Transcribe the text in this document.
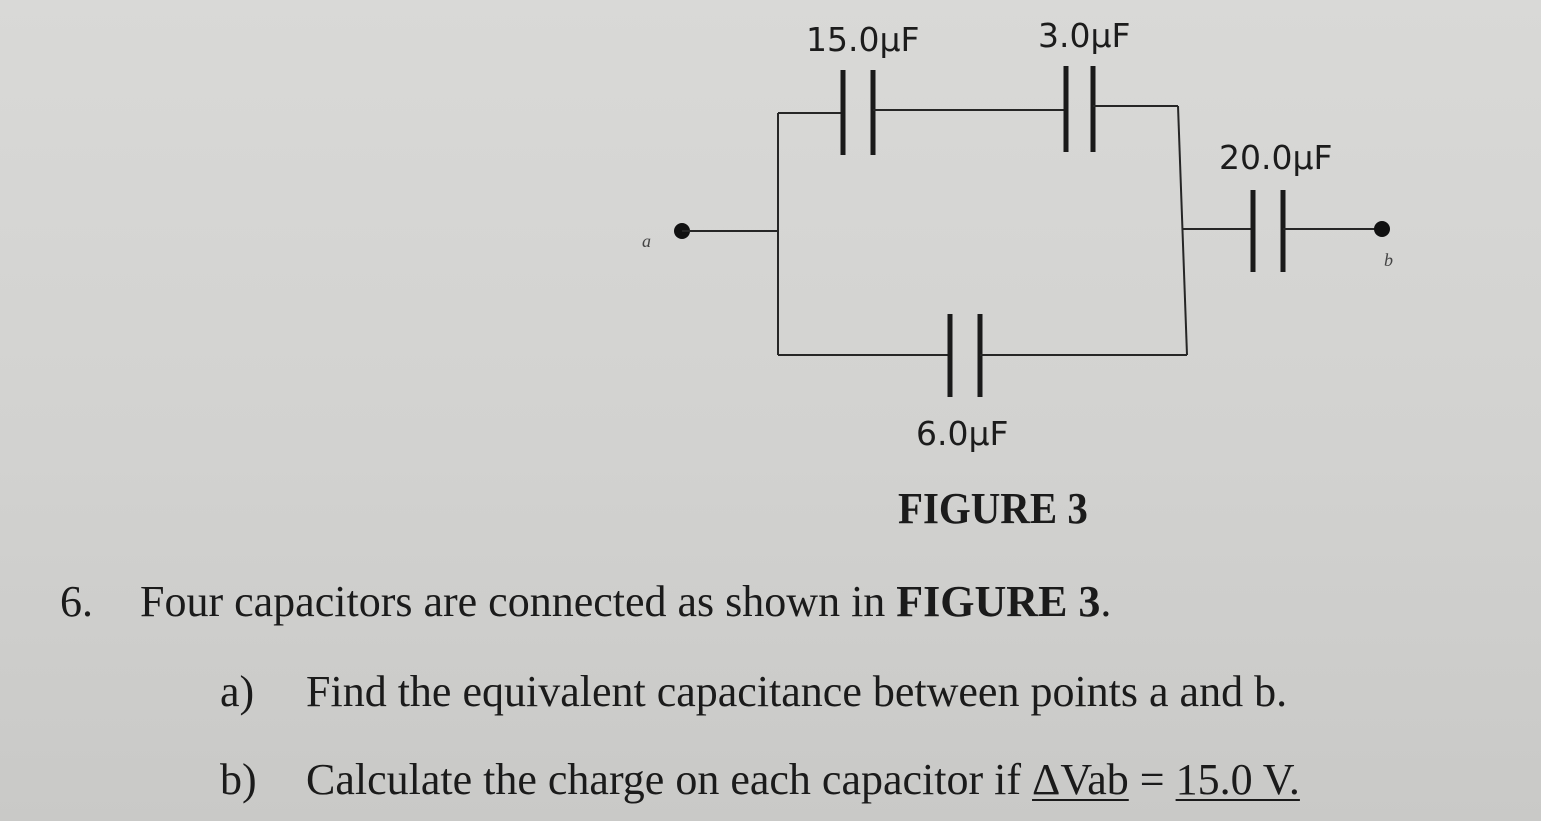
15.0μF	3.0μF
20.0μF
6.0μF
a
b
FIGURE 3
6. Four capacitors are connected as shown in FIGURE 3.
a) Find the equivalent capacitance between points a and b.
b) Calculate the charge on each capacitor if ΔVab = 15.0 V.
